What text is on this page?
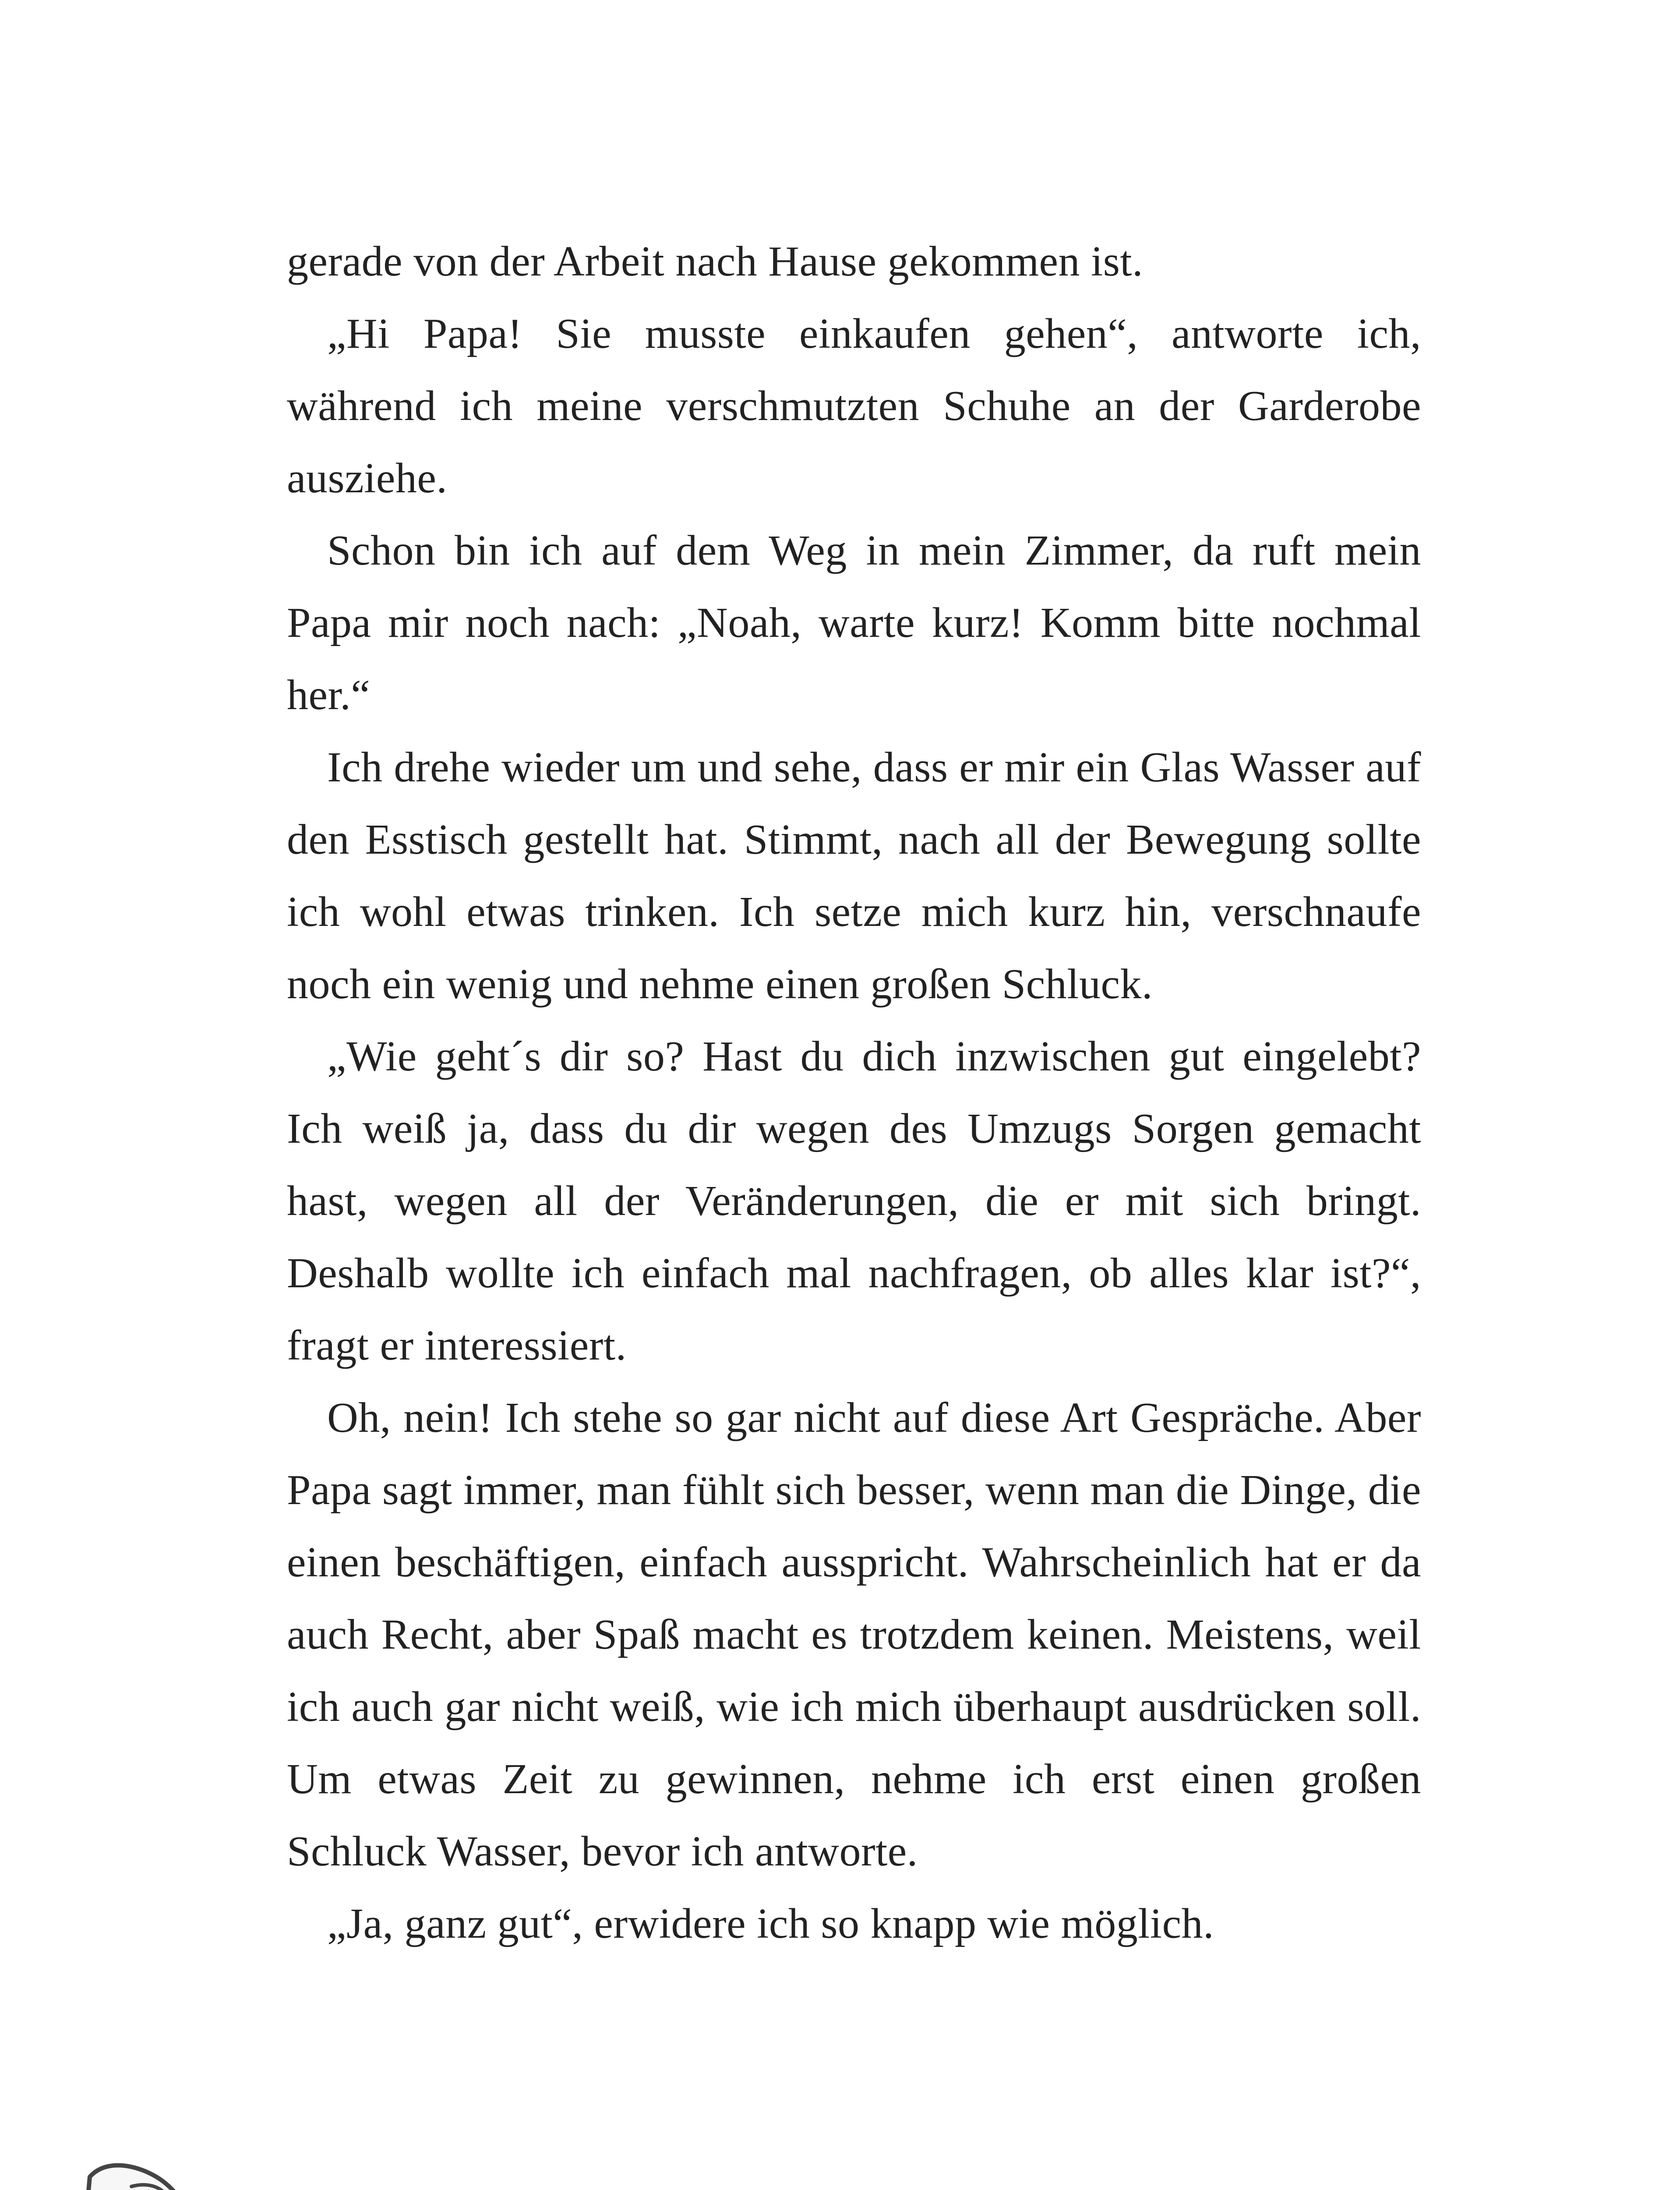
gerade von der Arbeit nach Hause gekommen ist.

„Hi Papa! Sie musste einkaufen gehen“, antworte ich, während ich meine verschmutzten Schuhe an der Garderobe ausziehe.

Schon bin ich auf dem Weg in mein Zimmer, da ruft mein Papa mir noch nach: „Noah, warte kurz! Komm bitte nochmal her.“

Ich drehe wieder um und sehe, dass er mir ein Glas Wasser auf den Esstisch gestellt hat. Stimmt, nach all der Bewegung sollte ich wohl etwas trinken. Ich setze mich kurz hin, verschnaufe noch ein wenig und nehme einen großen Schluck.

„Wie geht´s dir so? Hast du dich inzwischen gut eingelebt? Ich weiß ja, dass du dir wegen des Umzugs Sorgen gemacht hast, wegen all der Veränderungen, die er mit sich bringt. Deshalb wollte ich einfach mal nachfragen, ob alles klar ist?“, fragt er interessiert.

Oh, nein! Ich stehe so gar nicht auf diese Art Gespräche. Aber Papa sagt immer, man fühlt sich besser, wenn man die Dinge, die einen beschäftigen, einfach ausspricht. Wahrscheinlich hat er da auch Recht, aber Spaß macht es trotzdem keinen. Meistens, weil ich auch gar nicht weiß, wie ich mich überhaupt ausdrücken soll. Um etwas Zeit zu gewinnen, nehme ich erst einen großen Schluck Wasser, bevor ich antworte.

„Ja, ganz gut“, erwidere ich so knapp wie möglich.
